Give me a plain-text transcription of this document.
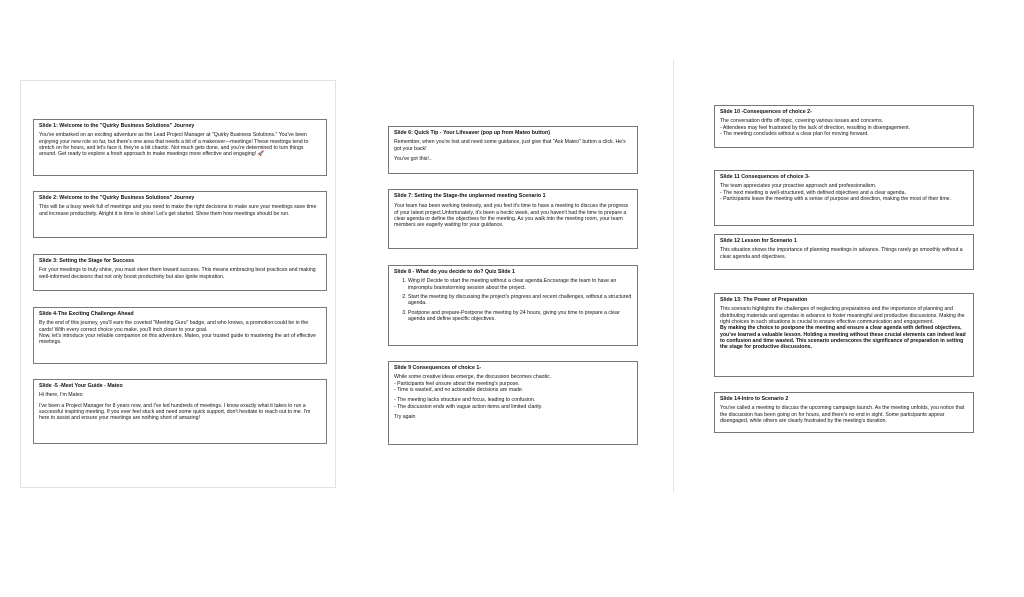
Slide 1: Welcome to the "Quirky Business Solutions" Journey
You've embarked on an exciting adventure as the Lead Project Manager at "Quirky Business Solutions." You've been enjoying your new role so far, but there's one area that needs a bit of a makeover—meetings! These meetings tend to stretch on for hours, and let's face it, they're a bit chaotic. Not much gets done, and you're determined to turn things around. Get ready to explore a fresh approach to make meetings more effective and engaging! 🚀
Slide 2: Welcome to the "Quirky Business Solutions" Journey
This will be a busy week full of meetings and you need to make the right decisions to make sure your meetings save time and increase productivity. Alright it is time to shine! Let's get started. Show them how meetings should be run.
Slide 3: Setting the Stage for Success
For your meetings to truly shine, you must steer them toward success. This means embracing best practices and making well-informed decisions that not only boost productivity but also ignite inspiration.
Slide 4-The Exciting Challenge Ahead
By the end of this journey, you'll earn the coveted "Meeting Guru" badge, and who knows, a promotion could be in the cards! With every correct choice you make, you'll inch closer to your goal.
Now, let's introduce your reliable companion on this adventure, Mateo, your trusted guide to mastering the art of effective meetings.
Slide -5 -Meet Your Guide - Mateo
Hi there, I'm Mateo
I've been a Project Manager for 8 years now, and I've led hundreds of meetings. I know exactly what it takes to run a successful inspiring meeting. If you ever feel stuck and need some quick support, don't hesitate to reach out to me. I'm here to assist and ensure your meetings are nothing short of amazing!
Slide 6: Quick Tip - Your Lifesaver (pop up from Mateo button)
Remember, when you're lost and need some guidance, just give that "Ask Mateo" button a click. He's got your back!
You've got this!..
Slide 7: Setting the Stage-the unplanned meeting Scenario 1
Your team has been working tirelessly, and you feel it's time to have a meeting to discuss the progress of your latest project.Unfortunately, it's been a hectic week, and you haven't had the time to prepare a clear agenda or define the objectives for the meeting. As you walk into the meeting room, your team members are eagerly waiting for your guidance.
Slide 8 - What do you decide to do? Quiz Slide 1
1. Wing it! Decide to start the meeting without a clear agenda.Encourage the team to have an impromptu brainstorming session about the project.
2. Start the meeting by discussing the project's progress and recent challenges, without a structured agenda.
3. Postpone and prepare-Postpone the meeting by 24 hours, giving you time to prepare a clear agenda and define specific objectives.
Slide 9 Consequences of choice 1-
While some creative ideas emerge, the discussion becomes chaotic.
- Participants feel unsure about the meeting's purpose.
- Time is wasted, and no actionable decisions are made.
- The meeting lacks structure and focus, leading to confusion.
- The discussion ends with vague action items and limited clarity.
Try again
Slide 10 -Consequences of choice 2-
The conversation drifts off-topic, covering various issues and concerns.
- Attendees may feel frustrated by the lack of direction, resulting in disengagement.
- The meeting concludes without a clear plan for moving forward.
Slide 11 Consequences of choice 3-
The team appreciates your proactive approach and professionalism.
- The next meeting is well-structured, with defined objectives and a clear agenda.
- Participants leave the meeting with a sense of purpose and direction, making the most of their time.
Slide 12 Lesson for Scenario 1
This situation shows the importance of planning meetings in advance. Things rarely go smoothly without a clear agenda and objectives.
Slide 13: The Power of Preparation
This scenario highlights the challenges of neglecting preparations and the importance of planning and distributing materials and agendas in advance to foster meaningful and productive discussions. Making the right choices in such situations is crucial to ensure effective communication and engagement.
By making the choice to postpone the meeting and ensure a clear agenda with defined objectives, you've learned a valuable lesson. Holding a meeting without these crucial elements can indeed lead to confusion and time wasted. This scenario underscores the significance of preparation in setting the stage for productive discussions.
Slide 14-Intro to Scenario 2
You've called a meeting to discuss the upcoming campaign launch. As the meeting unfolds, you notice that the discussion has been going on for hours, and there's no end in sight. Some participants appear disengaged, while others are clearly frustrated by the meeting's duration.
